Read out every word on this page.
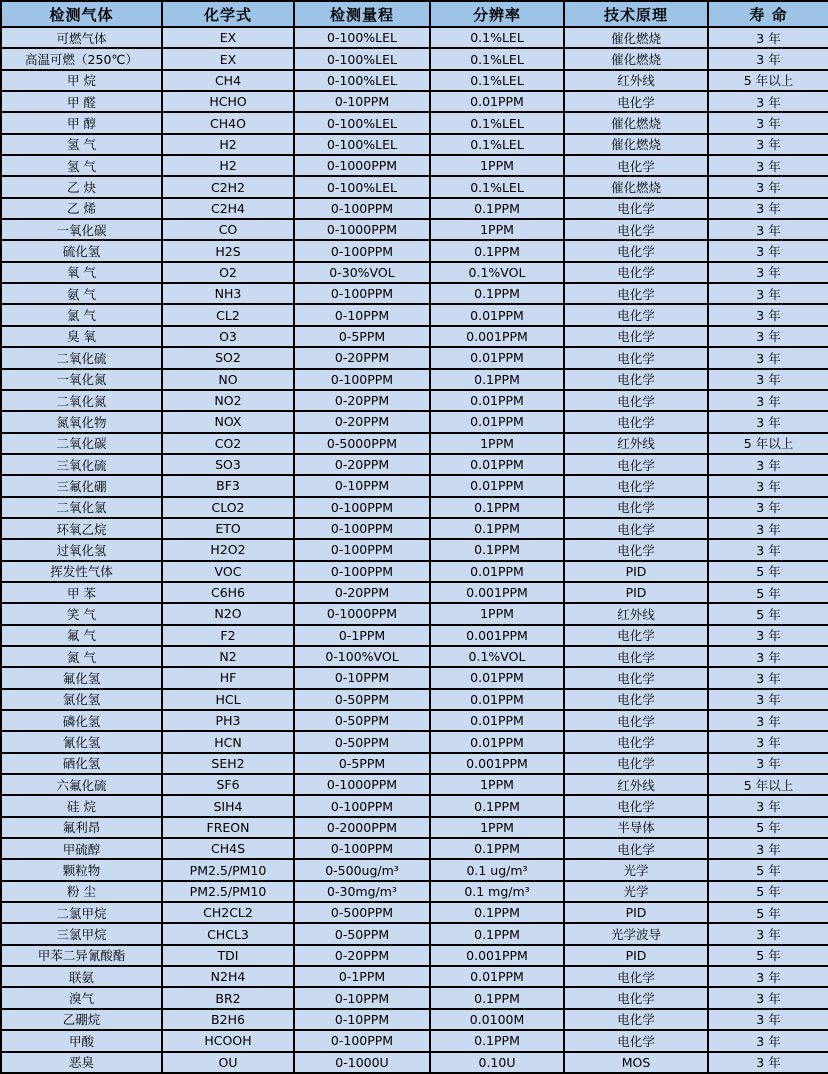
检测气体	化学式	检测量程	分辨率	技术原理	寿 命
可燃气体	EX	0-100%LEL	0.1%LEL	催化燃烧	3 年
高温可燃（250℃）	EX	0-100%LEL	0.1%LEL	催化燃烧	3 年
甲 烷	CH4	0-100%LEL	0.1%LEL	红外线	5 年以上
甲 醛	HCHO	0-10PPM	0.01PPM	电化学	3 年
甲 醇	CH4O	0-100%LEL	0.1%LEL	催化燃烧	3 年
氢 气	H2	0-100%LEL	0.1%LEL	催化燃烧	3 年
氢 气	H2	0-1000PPM	1PPM	电化学	3 年
乙 炔	C2H2	0-100%LEL	0.1%LEL	催化燃烧	3 年
乙 烯	C2H4	0-100PPM	0.1PPM	电化学	3 年
一氧化碳	CO	0-1000PPM	1PPM	电化学	3 年
硫化氢	H2S	0-100PPM	0.1PPM	电化学	3 年
氧 气	O2	0-30%VOL	0.1%VOL	电化学	3 年
氨 气	NH3	0-100PPM	0.1PPM	电化学	3 年
氯 气	CL2	0-10PPM	0.01PPM	电化学	3 年
臭 氧	O3	0-5PPM	0.001PPM	电化学	3 年
二氧化硫	SO2	0-20PPM	0.01PPM	电化学	3 年
一氧化氮	NO	0-100PPM	0.1PPM	电化学	3 年
二氧化氮	NO2	0-20PPM	0.01PPM	电化学	3 年
氮氧化物	NOX	0-20PPM	0.01PPM	电化学	3 年
二氧化碳	CO2	0-5000PPM	1PPM	红外线	5 年以上
三氧化硫	SO3	0-20PPM	0.01PPM	电化学	3 年
三氟化硼	BF3	0-10PPM	0.01PPM	电化学	3 年
二氧化氯	CLO2	0-100PPM	0.1PPM	电化学	3 年
环氧乙烷	ETO	0-100PPM	0.1PPM	电化学	3 年
过氧化氢	H2O2	0-100PPM	0.1PPM	电化学	3 年
挥发性气体	VOC	0-100PPM	0.01PPM	PID	5 年
甲 苯	C6H6	0-20PPM	0.001PPM	PID	5 年
笑 气	N2O	0-1000PPM	1PPM	红外线	5 年
氟 气	F2	0-1PPM	0.001PPM	电化学	3 年
氮 气	N2	0-100%VOL	0.1%VOL	电化学	3 年
氟化氢	HF	0-10PPM	0.01PPM	电化学	3 年
氯化氢	HCL	0-50PPM	0.01PPM	电化学	3 年
磷化氢	PH3	0-50PPM	0.01PPM	电化学	3 年
氰化氢	HCN	0-50PPM	0.01PPM	电化学	3 年
硒化氢	SEH2	0-5PPM	0.001PPM	电化学	3 年
六氟化硫	SF6	0-1000PPM	1PPM	红外线	5 年以上
硅 烷	SIH4	0-100PPM	0.1PPM	电化学	3 年
氟利昂	FREON	0-2000PPM	1PPM	半导体	5 年
甲硫醇	CH4S	0-100PPM	0.1PPM	电化学	3 年
颗粒物	PM2.5/PM10	0-500ug/m³	0.1 ug/m³	光学	5 年
粉 尘	PM2.5/PM10	0-30mg/m³	0.1 mg/m³	光学	5 年
二氯甲烷	CH2CL2	0-500PPM	0.1PPM	PID	5 年
三氯甲烷	CHCL3	0-50PPM	0.1PPM	光学波导	3 年
甲苯二异氰酸酯	TDI	0-20PPM	0.001PPM	PID	5 年
联氨	N2H4	0-1PPM	0.01PPM	电化学	3 年
溴气	BR2	0-10PPM	0.1PPM	电化学	3 年
乙硼烷	B2H6	0-10PPM	0.0100M	电化学	3 年
甲酸	HCOOH	0-100PPM	0.1PPM	电化学	3 年
恶臭	OU	0-1000U	0.10U	MOS	3 年
